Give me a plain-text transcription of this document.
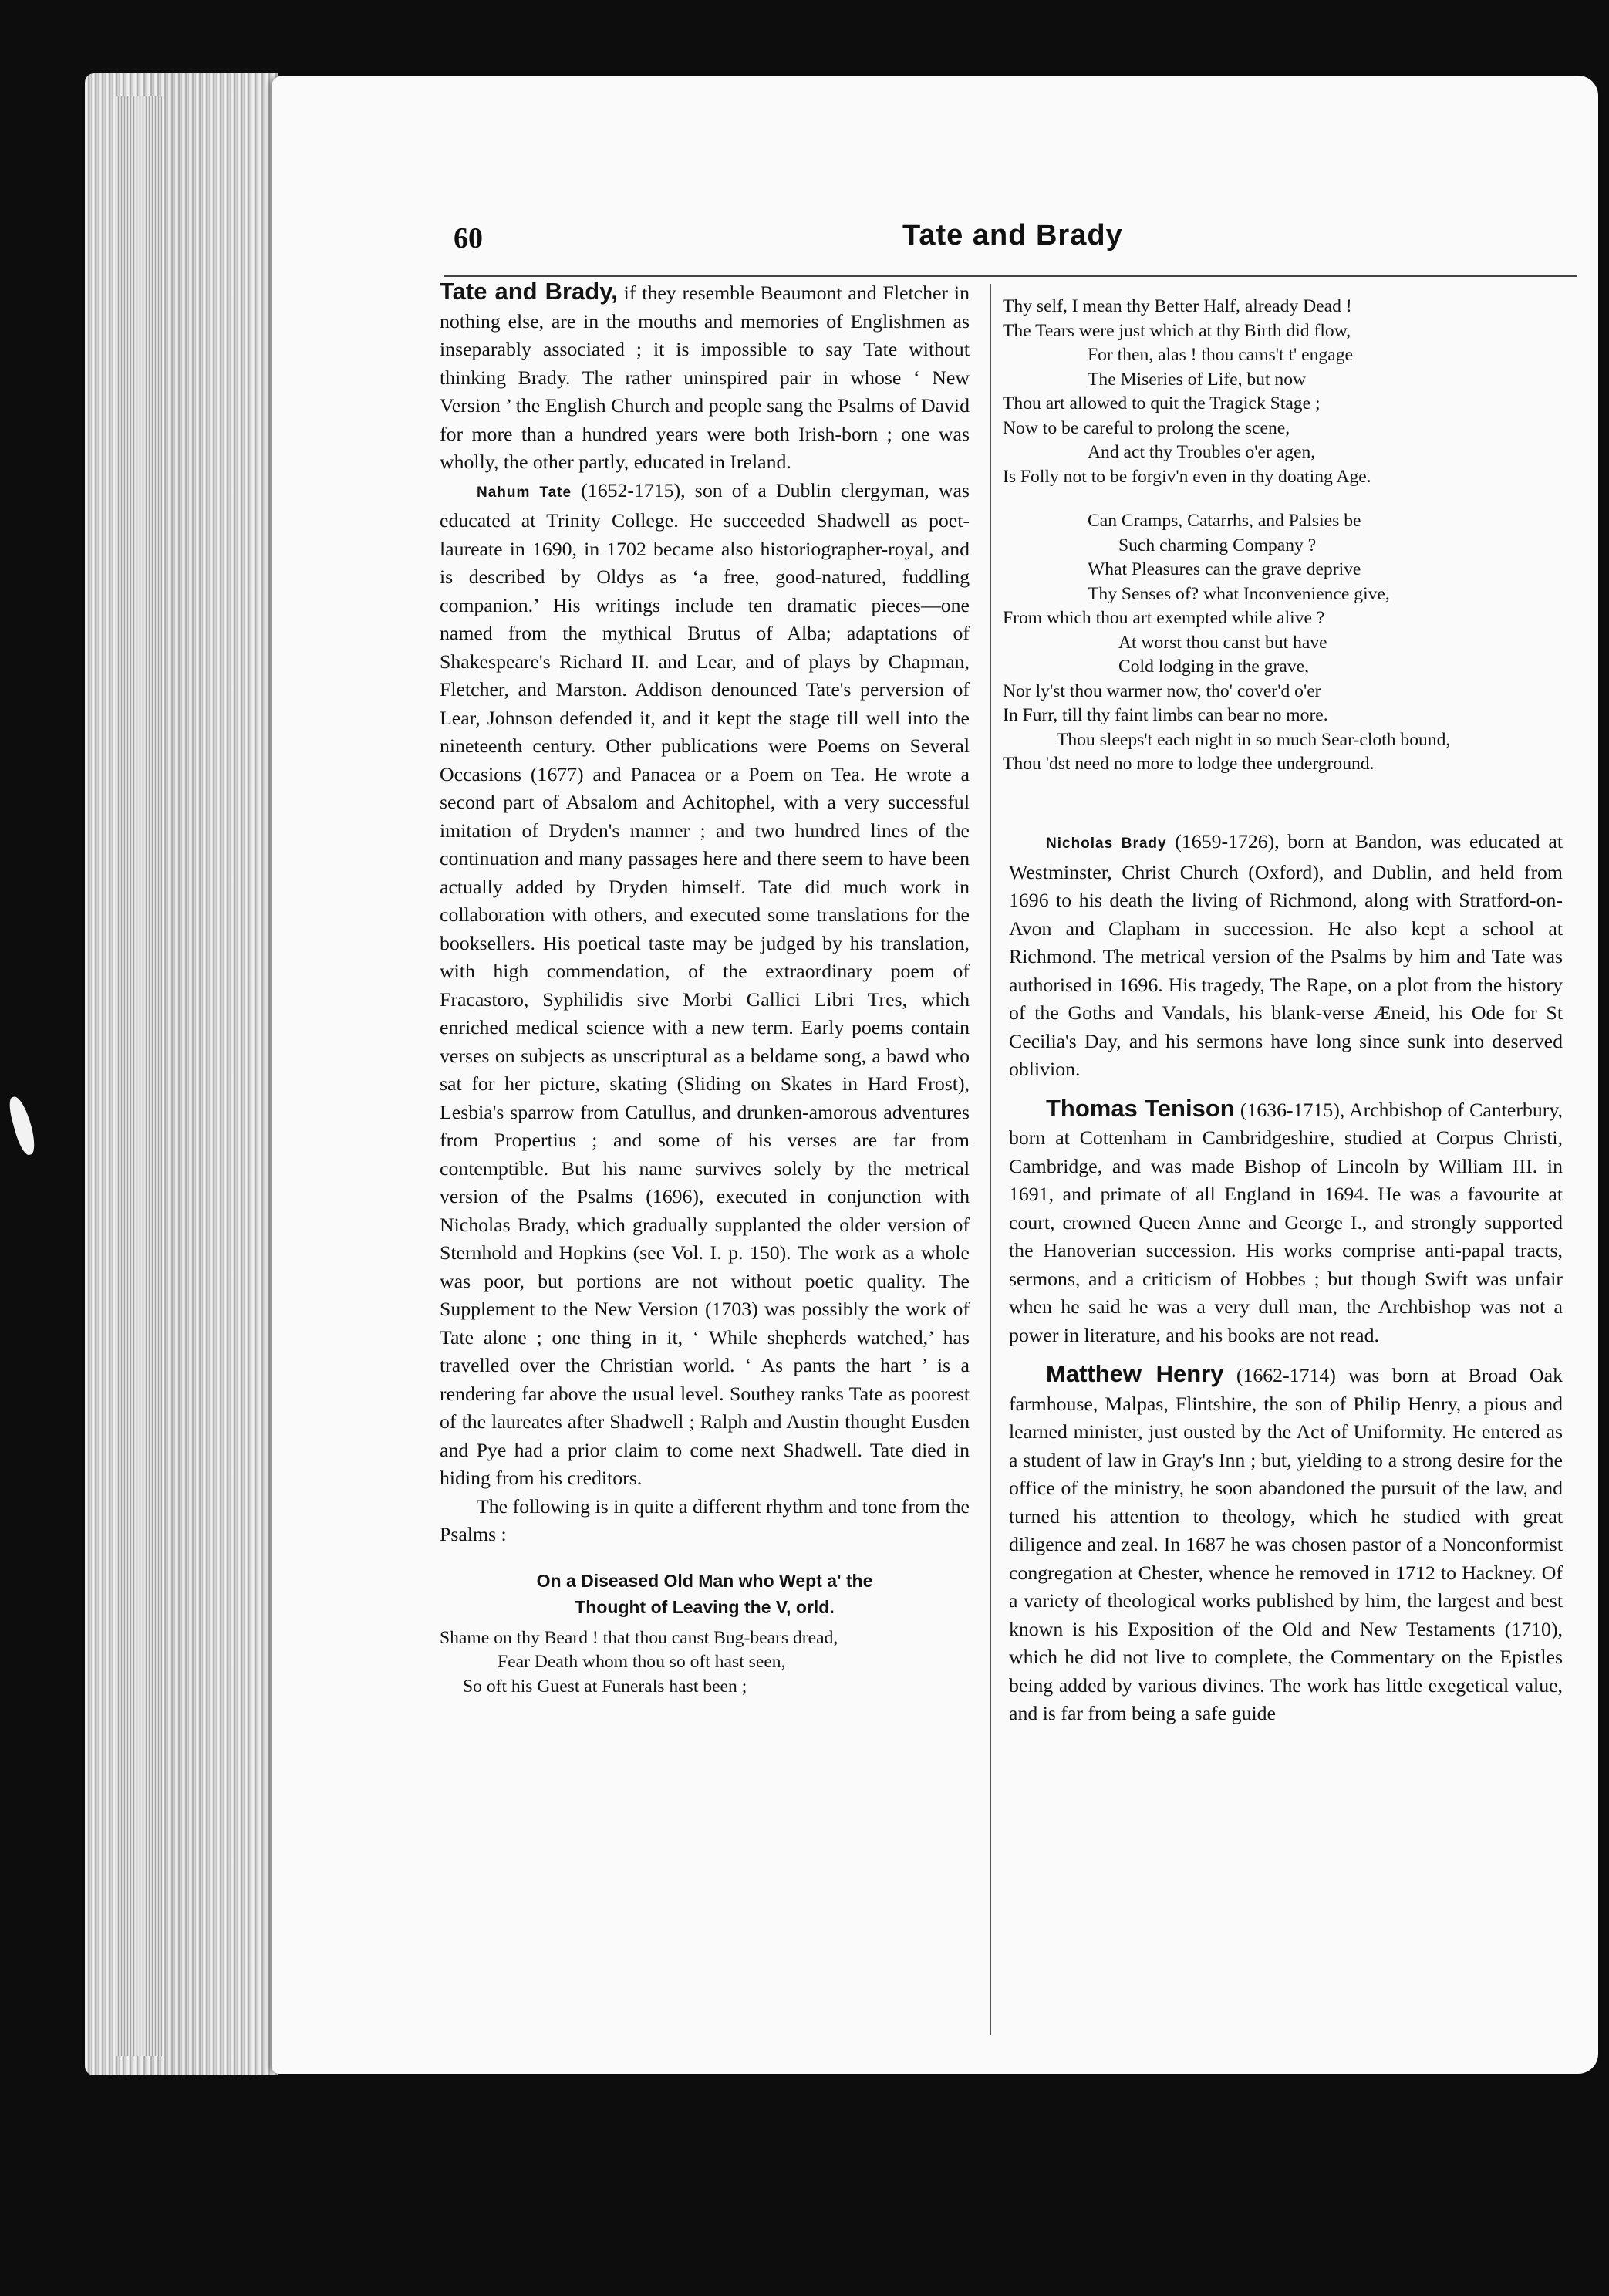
60	Tate and Brady

Tate and Brady, if they resemble Beaumont and Fletcher in nothing else, are in the mouths and memories of Englishmen as inseparably associated ; it is impossible to say Tate without thinking Brady. The rather uninspired pair in whose ‘ New Version ’ the English Church and people sang the Psalms of David for more than a hundred years were both Irish-born ; one was wholly, the other partly, educated in Ireland.

Nahum Tate (1652-1715), son of a Dublin clergyman, was educated at Trinity College. He succeeded Shadwell as poet-laureate in 1690, in 1702 became also historiographer-royal, and is described by Oldys as ‘a free, good-natured, fuddling companion.’ His writings include ten dramatic pieces—one named from the mythical Brutus of Alba; adaptations of Shakespeare's Richard II. and Lear, and of plays by Chapman, Fletcher, and Marston. Addison denounced Tate's perversion of Lear, Johnson defended it, and it kept the stage till well into the nineteenth century. Other publications were Poems on Several Occasions (1677) and Panacea or a Poem on Tea. He wrote a second part of Absalom and Achitophel, with a very successful imitation of Dryden's manner ; and two hundred lines of the continuation and many passages here and there seem to have been actually added by Dryden himself. Tate did much work in collaboration with others, and executed some translations for the booksellers. His poetical taste may be judged by his translation, with high commendation, of the extraordinary poem of Fracastoro, Syphilidis sive Morbi Gallici Libri Tres, which enriched medical science with a new term. Early poems contain verses on subjects as unscriptural as a beldame song, a bawd who sat for her picture, skating (Sliding on Skates in Hard Frost), Lesbia's sparrow from Catullus, and drunken-amorous adventures from Propertius ; and some of his verses are far from contemptible. But his name survives solely by the metrical version of the Psalms (1696), executed in conjunction with Nicholas Brady, which gradually supplanted the older version of Sternhold and Hopkins (see Vol. I. p. 150). The work as a whole was poor, but portions are not without poetic quality. The Supplement to the New Version (1703) was possibly the work of Tate alone ; one thing in it, ‘ While shepherds watched,’ has travelled over the Christian world. ‘ As pants the hart ’ is a rendering far above the usual level. Southey ranks Tate as poorest of the laureates after Shadwell ; Ralph and Austin thought Eusden and Pye had a prior claim to come next Shadwell. Tate died in hiding from his creditors.

The following is in quite a different rhythm and tone from the Psalms :

On a Diseased Old Man who Wept a' the
Thought of Leaving the V, orld.
Shame on thy Beard ! that thou canst Bug-bears dread,
Fear Death whom thou so oft hast seen,
So oft his Guest at Funerals hast been ;
Thy self, I mean thy Better Half, already Dead !
The Tears were just which at thy Birth did flow,
For then, alas ! thou cams't t' engage
The Miseries of Life, but now
Thou art allowed to quit the Tragick Stage ;
Now to be careful to prolong the scene,
And act thy Troubles o'er agen,
Is Folly not to be forgiv'n even in thy doating Age.
Can Cramps, Catarrhs, and Palsies be
Such charming Company ?
What Pleasures can the grave deprive
Thy Senses of? what Inconvenience give,
From which thou art exempted while alive ?
At worst thou canst but have
Cold lodging in the grave,
Nor ly'st thou warmer now, tho' cover'd o'er
In Furr, till thy faint limbs can bear no more.
Thou sleeps't each night in so much Sear-cloth bound,
Thou 'dst need no more to lodge thee underground.

Nicholas Brady (1659-1726), born at Bandon, was educated at Westminster, Christ Church (Oxford), and Dublin, and held from 1696 to his death the living of Richmond, along with Stratford-on-Avon and Clapham in succession. He also kept a school at Richmond. The metrical version of the Psalms by him and Tate was authorised in 1696. His tragedy, The Rape, on a plot from the history of the Goths and Vandals, his blank-verse Æneid, his Ode for St Cecilia's Day, and his sermons have long since sunk into deserved oblivion.

Thomas Tenison (1636-1715), Archbishop of Canterbury, born at Cottenham in Cambridgeshire, studied at Corpus Christi, Cambridge, and was made Bishop of Lincoln by William III. in 1691, and primate of all England in 1694. He was a favourite at court, crowned Queen Anne and George I., and strongly supported the Hanoverian succession. His works comprise anti-papal tracts, sermons, and a criticism of Hobbes ; but though Swift was unfair when he said he was a very dull man, the Archbishop was not a power in literature, and his books are not read.

Matthew Henry (1662-1714) was born at Broad Oak farmhouse, Malpas, Flintshire, the son of Philip Henry, a pious and learned minister, just ousted by the Act of Uniformity. He entered as a student of law in Gray's Inn ; but, yielding to a strong desire for the office of the ministry, he soon abandoned the pursuit of the law, and turned his attention to theology, which he studied with great diligence and zeal. In 1687 he was chosen pastor of a Nonconformist congregation at Chester, whence he removed in 1712 to Hackney. Of a variety of theological works published by him, the largest and best known is his Exposition of the Old and New Testaments (1710), which he did not live to complete, the Commentary on the Epistles being added by various divines. The work has little exegetical value, and is far from being a safe guide
